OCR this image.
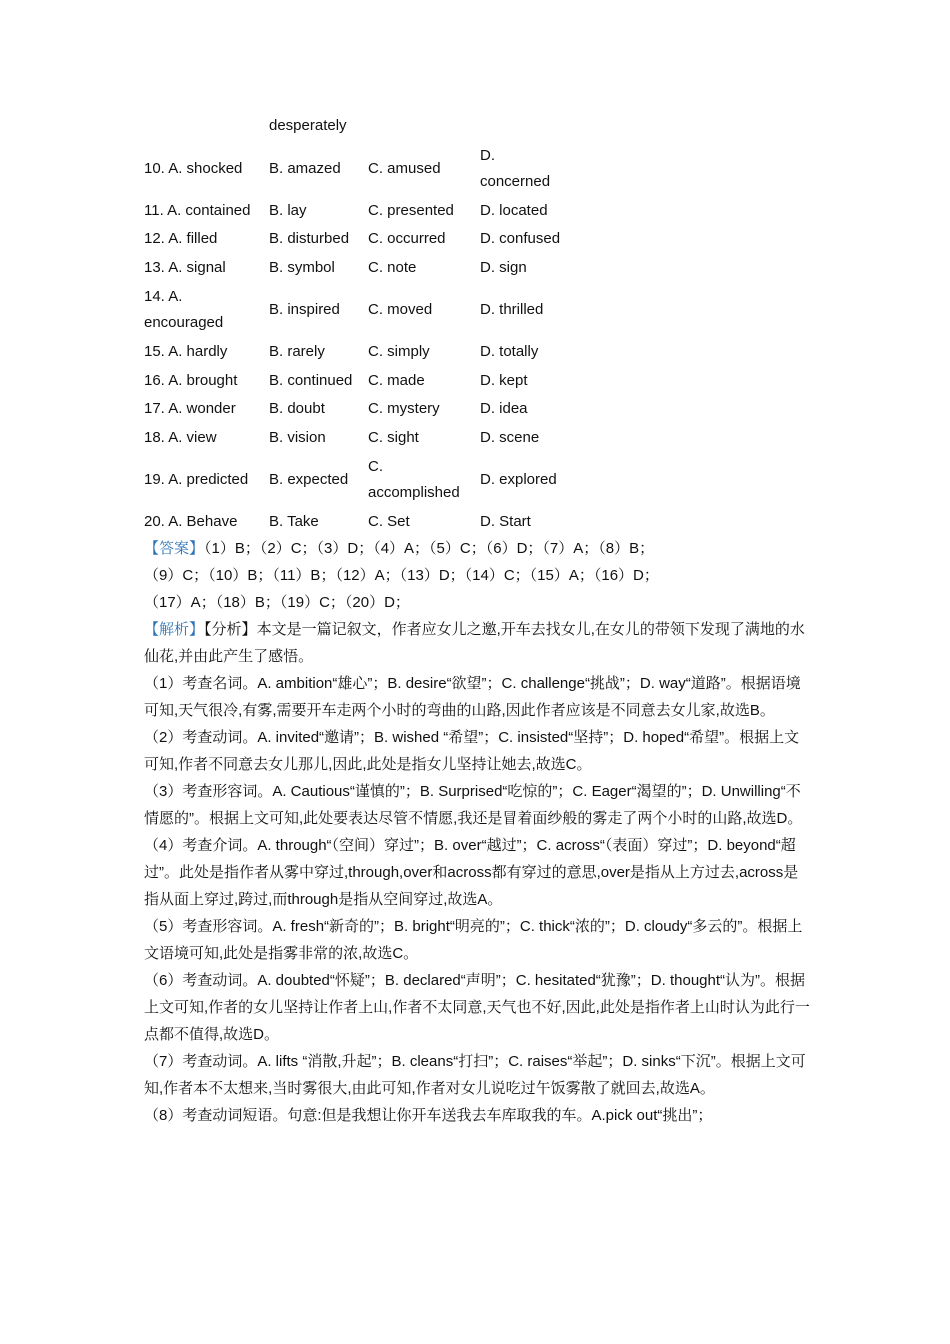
	desperately		
10. A. shocked	B. amazed	C. amused	D.
concerned
11. A. contained	B. lay	C. presented	D. located
12. A. filled	B. disturbed	C. occurred	D. confused
13. A. signal	B. symbol	C. note	D. sign
14. A.
encouraged	B. inspired	C. moved	D. thrilled
15. A. hardly	B. rarely	C. simply	D. totally
16. A. brought	B. continued	C. made	D. kept
17. A. wonder	B. doubt	C. mystery	D. idea
18. A. view	B. vision	C. sight	D. scene
19. A. predicted	B. expected	C.
accomplished	D. explored
20. A. Behave	B. Take	C. Set	D. Start
【答案】（1）B；（2）C；（3）D；（4）A；（5）C；（6）D；（7）A；（8）B；
（9）C；（10）B；（11）B；（12）A；（13）D；（14）C；（15）A；（16）D；
（17）A；（18）B；（19）C；（20）D；

【解析】【分析】本文是一篇记叙文，作者应女儿之邀,开车去找女儿,在女儿的带领下发现了满地的水仙花,并由此产生了感悟。

（1）考查名词。A. ambition“雄心”；B. desire“欲望”；C. challenge“挑战”；D. way“道路”。根据语境可知,天气很冷,有雾,需要开车走两个小时的弯曲的山路,因此作者应该是不同意去女儿家,故选B。

（2）考查动词。A. invited“邀请”；B. wished “希望”；C. insisted“坚持”；D. hoped“希望”。根据上文可知,作者不同意去女儿那儿,因此,此处是指女儿坚持让她去,故选C。

（3）考查形容词。A. Cautious“谨慎的”；B. Surprised“吃惊的”；C. Eager“渴望的”；D. Unwilling“不情愿的”。根据上文可知,此处要表达尽管不情愿,我还是冒着面纱般的雾走了两个小时的山路,故选D。

（4）考查介词。A. through“（空间）穿过”；B. over“越过”；C. across“（表面）穿过”；D. beyond“超过”。此处是指作者从雾中穿过,through,over和across都有穿过的意思,over是指从上方过去,across是指从面上穿过,跨过,而through是指从空间穿过,故选A。

（5）考查形容词。A. fresh“新奇的”；B. bright“明亮的”；C. thick“浓的”；D. cloudy“多云的”。根据上文语境可知,此处是指雾非常的浓,故选C。

（6）考查动词。A. doubted“怀疑”；B. declared“声明”；C. hesitated“犹豫”；D. thought“认为”。根据上文可知,作者的女儿坚持让作者上山,作者不太同意,天气也不好,因此,此处是指作者上山时认为此行一点都不值得,故选D。

（7）考查动词。A. lifts “消散,升起”；B. cleans“打扫”；C. raises“举起”；D. sinks“下沉”。根据上文可知,作者本不太想来,当时雾很大,由此可知,作者对女儿说吃过午饭雾散了就回去,故选A。

（8）考查动词短语。句意:但是我想让你开车送我去车库取我的车。A.pick out“挑出”；
